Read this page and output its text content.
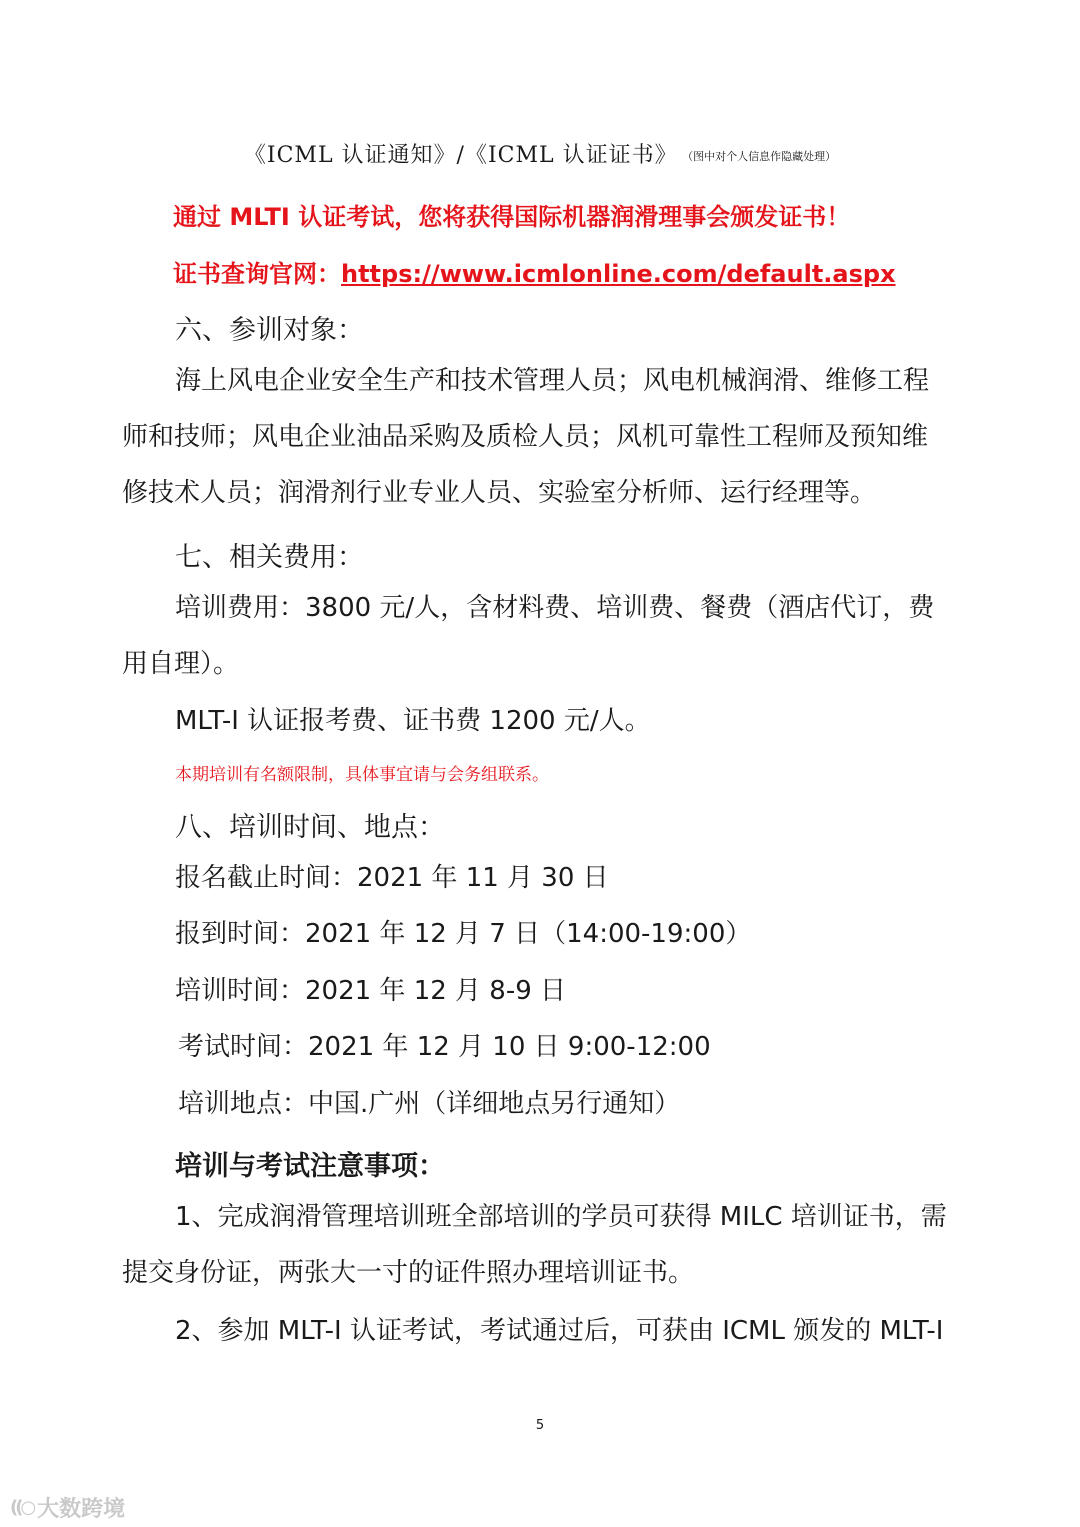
《ICML 认证通知》/《ICML 认证证书》 （图中对个人信息作隐藏处理）
通过 MLTI 认证考试，您将获得国际机器润滑理事会颁发证书！
证书查询官网：https://www.icmlonline.com/default.aspx
六、参训对象：
海上风电企业安全生产和技术管理人员；风电机械润滑、维修工程
师和技师；风电企业油品采购及质检人员；风机可靠性工程师及预知维
修技术人员；润滑剂行业专业人员、实验室分析师、运行经理等。
七、相关费用：
培训费用：3800 元/人，含材料费、培训费、餐费（酒店代订，费
用自理）。
MLT-I 认证报考费、证书费 1200 元/人。
本期培训有名额限制，具体事宜请与会务组联系。
八、培训时间、地点：
报名截止时间：2021 年 11 月 30 日
报到时间：2021 年 12 月 7 日（14:00-19:00）
培训时间：2021 年 12 月 8-9 日
考试时间：2021 年 12 月 10 日 9:00-12:00
培训地点：中国.广州（详细地点另行通知）
培训与考试注意事项：
1、完成润滑管理培训班全部培训的学员可获得 MILC 培训证书，需
提交身份证，两张大一寸的证件照办理培训证书。
2、参加 MLT-I 认证考试，考试通过后，可获由 ICML 颁发的 MLT-I
5
((○ 大数跨境
